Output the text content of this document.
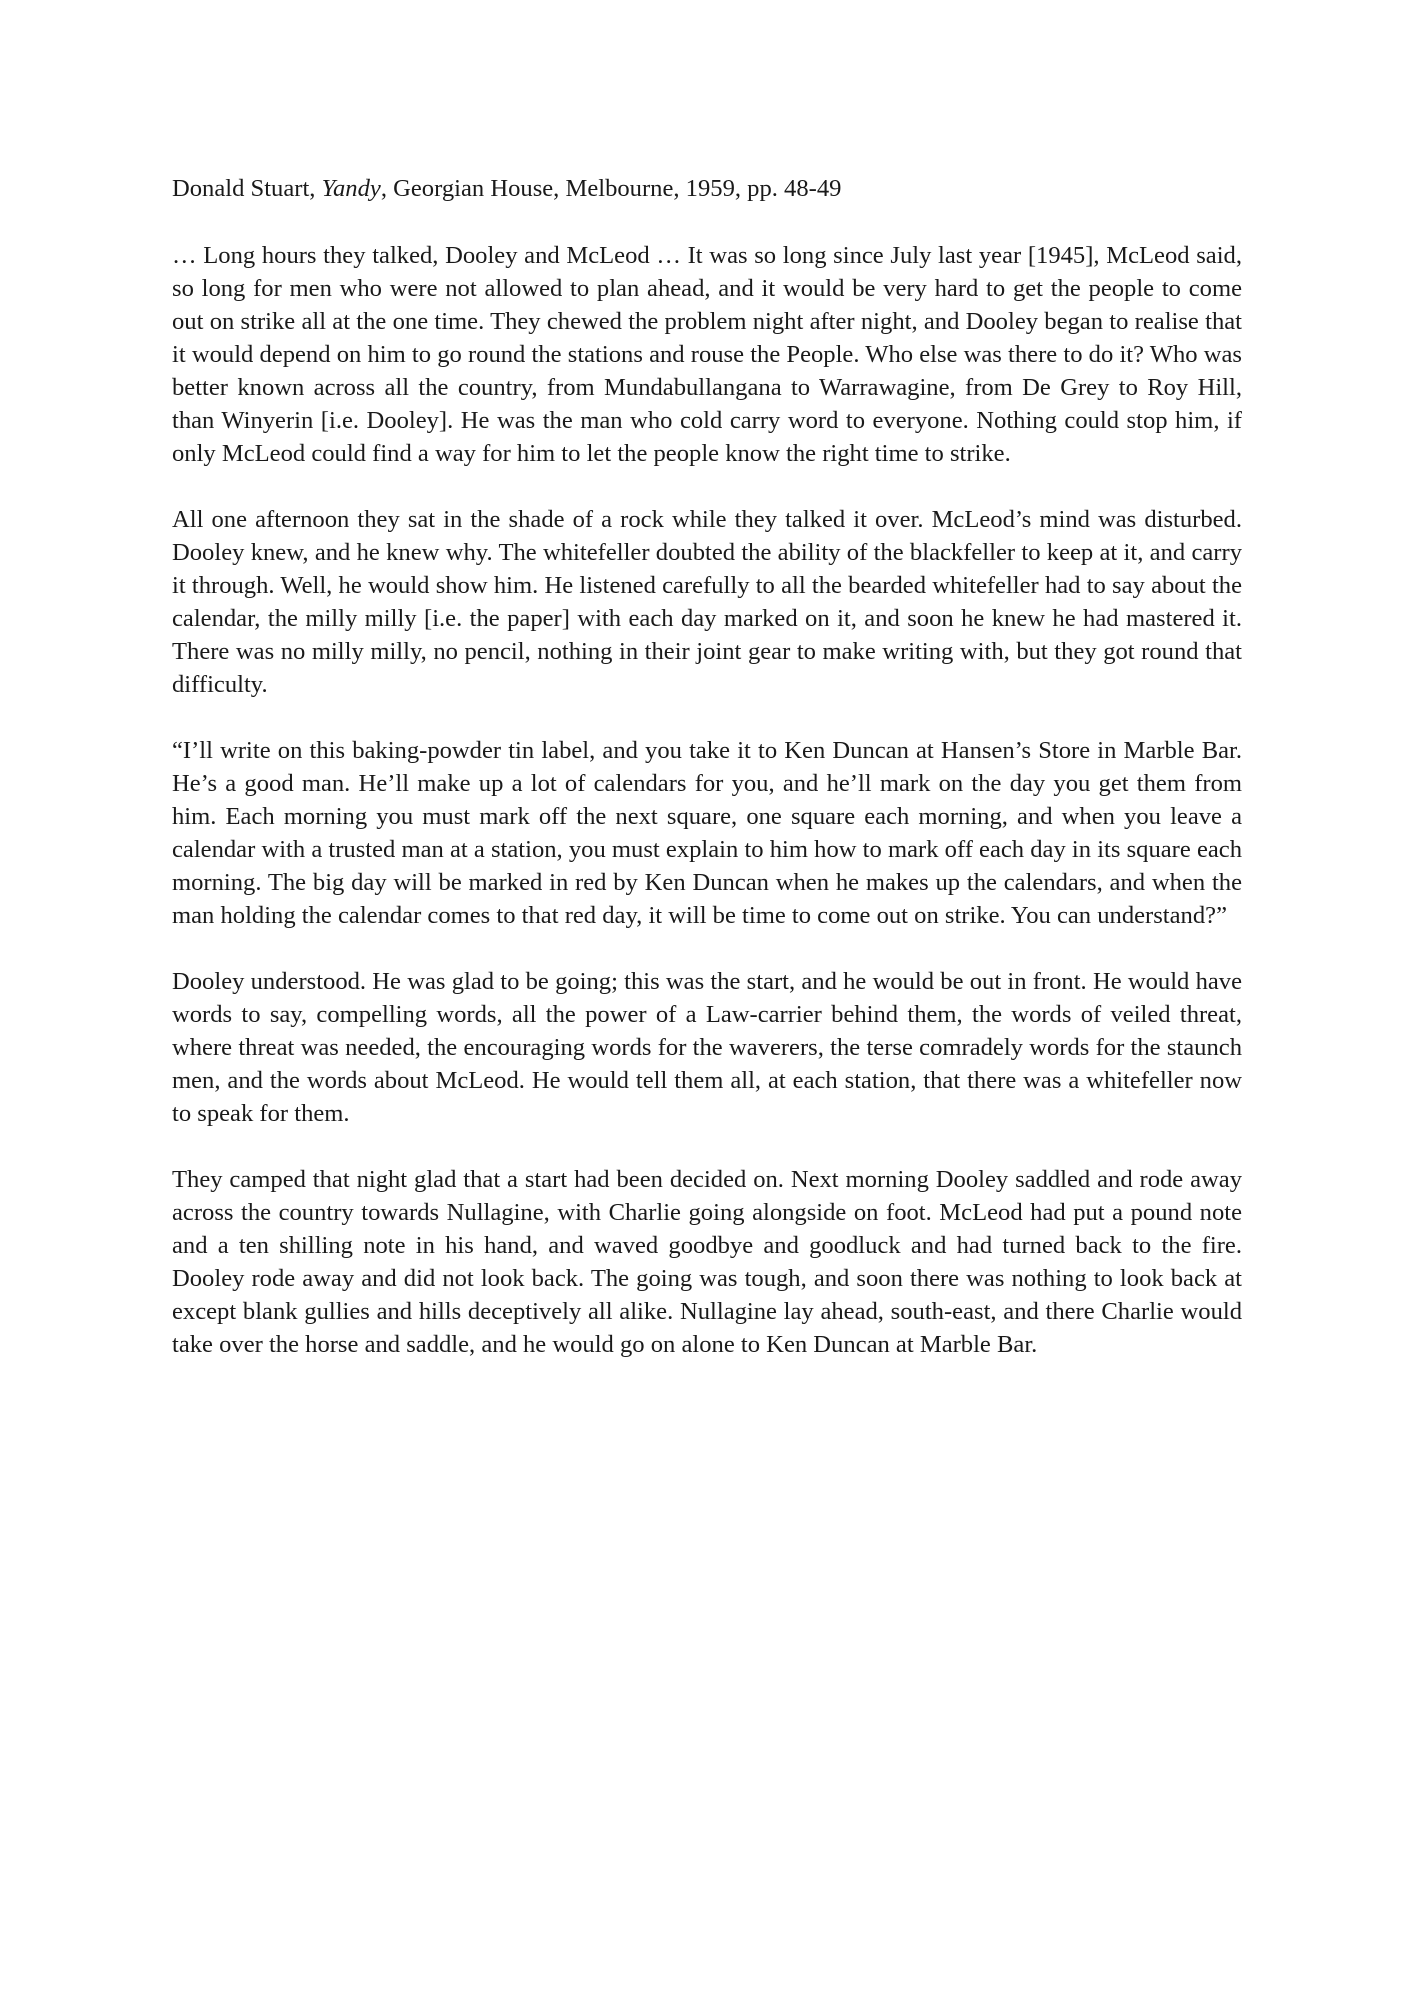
Donald Stuart, Yandy, Georgian House, Melbourne, 1959, pp. 48-49

… Long hours they talked, Dooley and McLeod … It was so long since July last year [1945], McLeod said, so long for men who were not allowed to plan ahead, and it would be very hard to get the people to come out on strike all at the one time. They chewed the problem night after night, and Dooley began to realise that it would depend on him to go round the stations and rouse the People. Who else was there to do it? Who was better known across all the country, from Mundabullangana to Warrawagine, from De Grey to Roy Hill, than Winyerin [i.e. Dooley]. He was the man who cold carry word to everyone. Nothing could stop him, if only McLeod could find a way for him to let the people know the right time to strike.

All one afternoon they sat in the shade of a rock while they talked it over. McLeod’s mind was disturbed. Dooley knew, and he knew why. The whitefeller doubted the ability of the blackfeller to keep at it, and carry it through. Well, he would show him. He listened carefully to all the bearded whitefeller had to say about the calendar, the milly milly [i.e. the paper] with each day marked on it, and soon he knew he had mastered it. There was no milly milly, no pencil, nothing in their joint gear to make writing with, but they got round that difficulty.

“I’ll write on this baking-powder tin label, and you take it to Ken Duncan at Hansen’s Store in Marble Bar. He’s a good man. He’ll make up a lot of calendars for you, and he’ll mark on the day you get them from him. Each morning you must mark off the next square, one square each morning, and when you leave a calendar with a trusted man at a station, you must explain to him how to mark off each day in its square each morning. The big day will be marked in red by Ken Duncan when he makes up the calendars, and when the man holding the calendar comes to that red day, it will be time to come out on strike. You can understand?”

Dooley understood. He was glad to be going; this was the start, and he would be out in front. He would have words to say, compelling words, all the power of a Law-carrier behind them, the words of veiled threat, where threat was needed, the encouraging words for the waverers, the terse comradely words for the staunch men, and the words about McLeod. He would tell them all, at each station, that there was a whitefeller now to speak for them.

They camped that night glad that a start had been decided on. Next morning Dooley saddled and rode away across the country towards Nullagine, with Charlie going alongside on foot. McLeod had put a pound note and a ten shilling note in his hand, and waved goodbye and goodluck and had turned back to the fire. Dooley rode away and did not look back. The going was tough, and soon there was nothing to look back at except blank gullies and hills deceptively all alike. Nullagine lay ahead, south-east, and there Charlie would take over the horse and saddle, and he would go on alone to Ken Duncan at Marble Bar.
